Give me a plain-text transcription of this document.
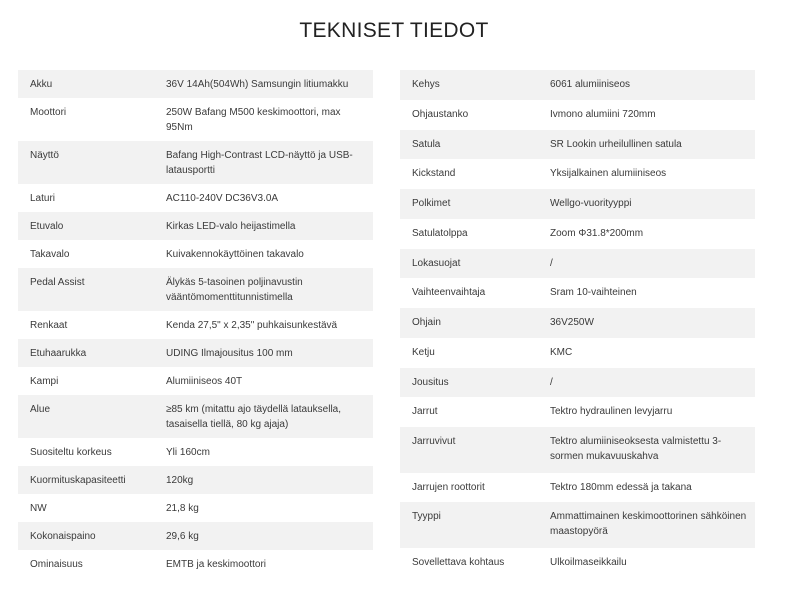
TEKNISET TIEDOT
Akku	36V 14Ah(504Wh) Samsungin litiumakku
Moottori	250W Bafang M500 keskimoottori, max 95Nm
Näyttö	Bafang High-Contrast LCD-näyttö ja USB-latausportti
Laturi	AC110-240V DC36V3.0A
Etuvalo	Kirkas LED-valo heijastimella
Takavalo	Kuivakennokäyttöinen takavalo
Pedal Assist	Älykäs 5-tasoinen poljinavustin vääntömomenttitunnistimella
Renkaat	Kenda 27,5" x 2,35" puhkaisunkestävä
Etuhaarukka	UDING Ilmajousitus 100 mm
Kampi	Alumiiniseos 40T
Alue	≥85 km (mitattu ajo täydellä latauksella, tasaisella tiellä, 80 kg ajaja)
Suositeltu korkeus	Yli 160cm
Kuormituskapasiteetti	120kg
NW	21,8 kg
Kokonaispaino	29,6 kg
Ominaisuus	EMTB ja keskimoottori
Kehys	6061 alumiiniseos
Ohjaustanko	Ivmono alumiini 720mm
Satula	SR Lookin urheilullinen satula
Kickstand	Yksijalkainen alumiiniseos
Polkimet	Wellgo-vuorityyppi
Satulatolppa	Zoom Φ31.8*200mm
Lokasuojat	/
Vaihteenvaihtaja	Sram 10-vaihteinen
Ohjain	36V250W
Ketju	KMC
Jousitus	/
Jarrut	Tektro hydraulinen levyjarru
Jarruvivut	Tektro alumiiniseoksesta valmistettu 3-sormen mukavuuskahva
Jarrujen roottorit	Tektro 180mm edessä ja takana
Tyyppi	Ammattimainen keskimoottorinen sähköinen maastopyörä
Sovellettava kohtaus	Ulkoilmaseikkailu
